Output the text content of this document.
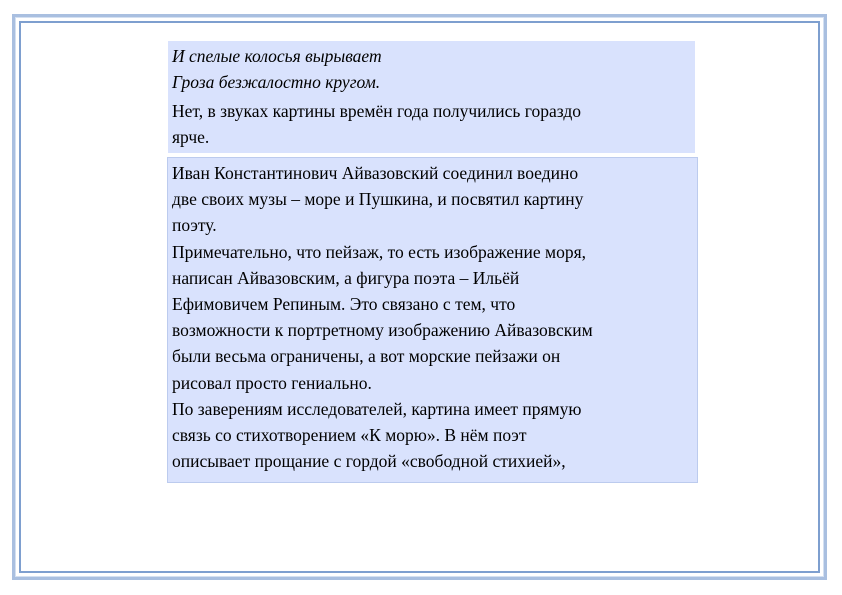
И спелые колосья вырывает
Гроза безжалостно кругом.
Нет, в звуках картины времён года получились гораздо
ярче.
Иван Константинович Айвазовский соединил воедино
две своих музы – море и Пушкина, и посвятил картину
поэту.
Примечательно, что пейзаж, то есть изображение моря,
написан Айвазовским, а фигура поэта – Ильёй
Ефимовичем Репиным. Это связано с тем, что
возможности к портретному изображению Айвазовским
были весьма ограничены, а вот морские пейзажи он
рисовал просто гениально.
По заверениям исследователей, картина имеет прямую
связь со стихотворением «К морю». В нём поэт
описывает прощание с гордой «свободной стихией»,
